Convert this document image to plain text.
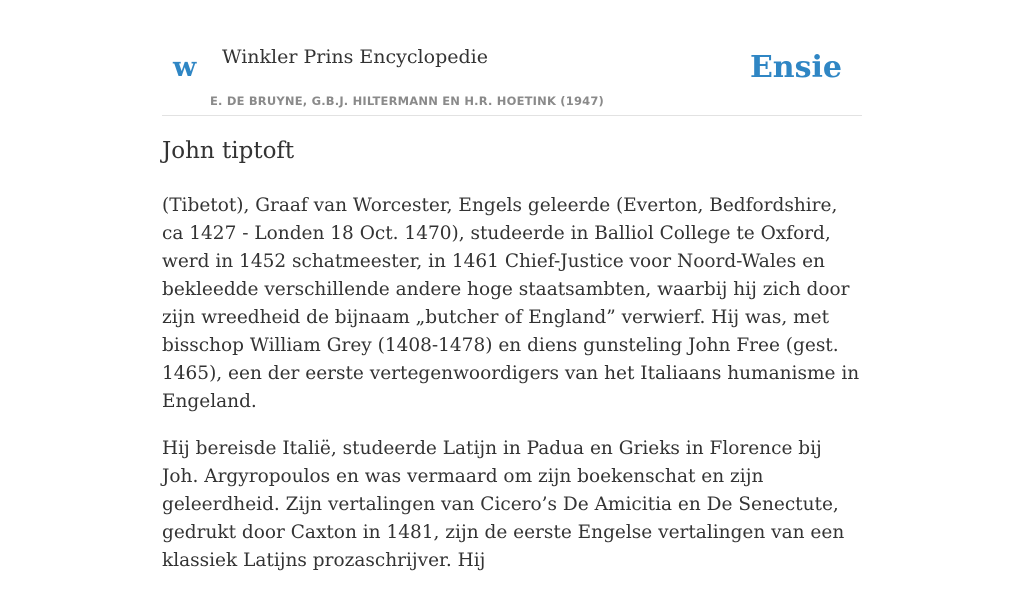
w Winkler Prins Encyclopedie
E. DE BRUYNE, G.B.J. HILTERMANN EN H.R. HOETINK (1947)
Ensie
John tiptoft

(Tibetot), Graaf van Worcester, Engels geleerde (Everton, Bedfordshire, ca 1427 - Londen 18 Oct. 1470), studeerde in Balliol College te Oxford, werd in 1452 schatmeester, in 1461 Chief-Justice voor Noord-Wales en bekleedde verschillende andere hoge staatsambten, waarbij hij zich door zijn wreedheid de bijnaam „butcher of England” verwierf. Hij was, met bisschop William Grey (1408-1478) en diens gunsteling John Free (gest. 1465), een der eerste vertegenwoordigers van het Italiaans humanisme in Engeland.

Hij bereisde Italië, studeerde Latijn in Padua en Grieks in Florence bij Joh. Argyropoulos en was vermaard om zijn boekenschat en zijn geleerdheid. Zijn vertalingen van Cicero’s De Amicitia en De Senectute, gedrukt door Caxton in 1481, zijn de eerste Engelse vertalingen van een klassiek Latijns prozaschrijver. Hij
